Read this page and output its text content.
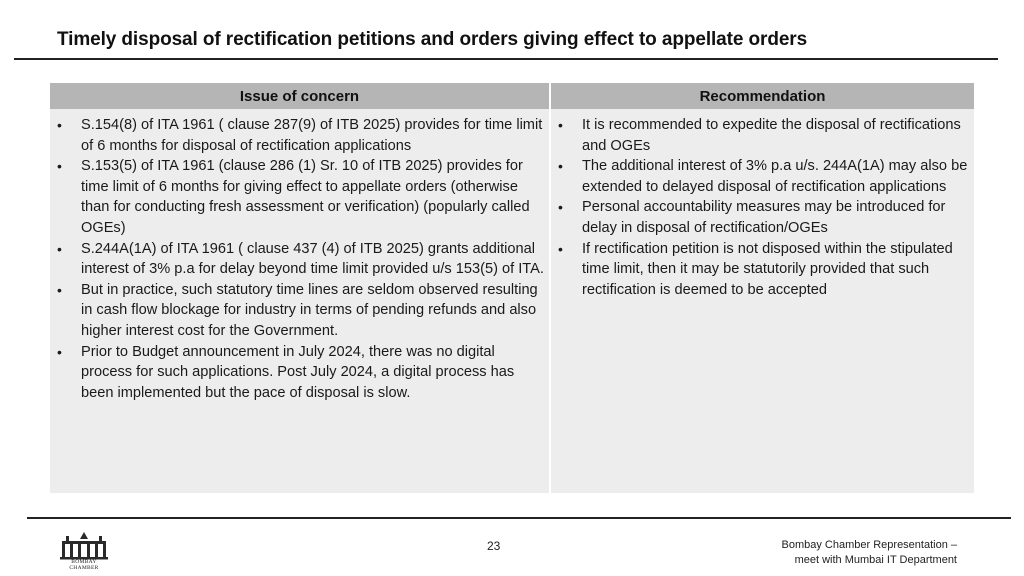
Timely disposal of rectification petitions and orders giving effect to appellate orders
Issue of concern	Recommendation
• S.154(8) of ITA 1961 ( clause 287(9) of ITB 2025) provides for time limit of 6 months for disposal of rectification applications
• S.153(5) of ITA 1961 (clause 286 (1) Sr. 10 of ITB 2025) provides for time limit of 6 months for giving effect to appellate orders (otherwise than for conducting fresh assessment or verification) (popularly called OGEs)
• S.244A(1A) of ITA 1961 ( clause 437 (4) of ITB 2025) grants additional interest of 3% p.a for delay beyond time limit provided u/s 153(5) of ITA.
• But in practice, such statutory time lines are seldom observed resulting in cash flow blockage for industry in terms of pending refunds and also higher interest cost for the Government.
• Prior to Budget announcement in July 2024, there was no digital process for such applications. Post July 2024, a digital process has been implemented but the pace of disposal is slow.
• It is recommended to expedite the disposal of rectifications and OGEs
• The additional interest of 3% p.a u/s. 244A(1A) may also be extended to delayed disposal of rectification applications
• Personal accountability measures may be introduced for delay in disposal of rectification/OGEs
• If rectification petition is not disposed within the stipulated time limit, then it may be statutorily provided that such rectification is deemed to be accepted
BOMBAY CHAMBER
23	Bombay Chamber Representation –
meet with Mumbai IT Department
